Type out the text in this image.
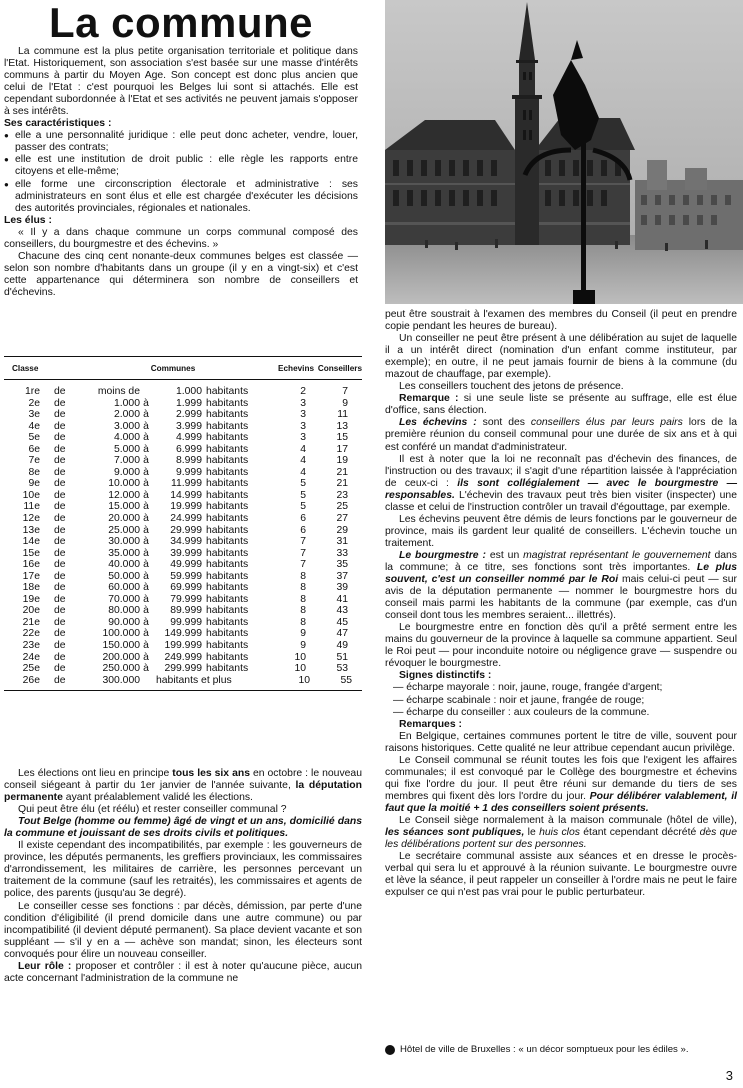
La commune

La commune est la plus petite organisation territoriale et politique dans l'Etat. Historiquement, son association s'est basée sur une masse d'intérêts communs à partir du Moyen Age. Son concept est donc plus ancien que celui de l'Etat : c'est pourquoi les Belges lui sont si attachés. Elle est cependant subordonnée à l'Etat et ses activités ne peuvent jamais s'opposer à ses intérêts.

Ses caractéristiques :
● elle a une personnalité juridique : elle peut donc acheter, vendre, louer, passer des contrats;
● elle est une institution de droit public : elle règle les rapports entre citoyens et elle-même;
● elle forme une circonscription électorale et administrative : ses administrateurs en sont élus et elle est chargée d'exécuter les décisions des autorités provinciales, régionales et nationales.
Les élus :

« Il y a dans chaque commune un corps communal composé des conseillers, du bourgmestre et des échevins. »

Chacune des cinq cent nonante-deux communes belges est classée — selon son nombre d'habitants dans un groupe (il y en a vingt-six) et c'est cette appartenance qui déterminera son nombre de conseillers et d'échevins.

Classe	Communes	Echevins Conseillers
1re	de	moins de	1.000 habitants	2	7
2e	de	1.000 à	1.999 habitants	3	9
3e	de	2.000 à	2.999 habitants	3	11
4e	de	3.000 à	3.999 habitants	3	13
5e	de	4.000 à	4.999 habitants	3	15
6e	de	5.000 à	6.999 habitants	4	17
7e	de	7.000 à	8.999 habitants	4	19
8e	de	9.000 à	9.999 habitants	4	21
9e	de	10.000 à	11.999 habitants	5	21
10e	de	12.000 à	14.999 habitants	5	23
11e	de	15.000 à	19.999 habitants	5	25
12e	de	20.000 à	24.999 habitants	6	27
13e	de	25.000 à	29.999 habitants	6	29
14e	de	30.000 à	34.999 habitants	7	31
15e	de	35.000 à	39.999 habitants	7	33
16e	de	40.000 à	49.999 habitants	7	35
17e	de	50.000 à	59.999 habitants	8	37
18e	de	60.000 à	69.999 habitants	8	39
19e	de	70.000 à	79.999 habitants	8	41
20e	de	80.000 à	89.999 habitants	8	43
21e	de	90.000 à	99.999 habitants	8	45
22e	de	100.000 à	149.999 habitants	9	47
23e	de	150.000 à	199.999 habitants	9	49
24e	de	200.000 à	249.999 habitants	10	51
25e	de	250.000 à	299.999 habitants	10	53
26e	de	300.000	habitants et plus	10	55

Les élections ont lieu en principe tous les six ans en octobre : le nouveau conseil siégeant à partir du 1er janvier de l'année suivante, la députation permanente ayant préalablement validé les élections.

Qui peut être élu (et réélu) et rester conseiller communal ?

Tout Belge (homme ou femme) âgé de vingt et un ans, domicilié dans la commune et jouissant de ses droits civils et politiques.

Il existe cependant des incompatibilités, par exemple : les gouverneurs de province, les députés permanents, les greffiers provinciaux, les commissaires d'arrondissement, les militaires de carrière, les personnes percevant un traitement de la commune (sauf les retraités), les commissaires et agents de police, des parents (jusqu'au 3e degré).

Le conseiller cesse ses fonctions : par décès, démission, par perte d'une condition d'éligibilité (il prend domicile dans une autre commune) ou par incompatibilité (il devient député permanent). Sa place devient vacante et son suppléant — s'il y en a — achève son mandat; sinon, les électeurs sont convoqués pour élire un nouveau conseiller.

Leur rôle : proposer et contrôler : il est à noter qu'aucune pièce, aucun acte concernant l'administration de la commune ne

peut être soustrait à l'examen des membres du Conseil (il peut en prendre copie pendant les heures de bureau).

Un conseiller ne peut être présent à une délibération au sujet de laquelle il a un intérêt direct (nomination d'un enfant comme instituteur, par exemple); en outre, il ne peut jamais fournir de biens à la commune (du mazout de chauffage, par exemple).

Les conseillers touchent des jetons de présence.

Remarque : si une seule liste se présente au suffrage, elle est élue d'office, sans élection.

Les échevins : sont des conseillers élus par leurs pairs lors de la première réunion du conseil communal pour une durée de six ans et à qui est conféré un mandat d'administrateur.

Il est à noter que la loi ne reconnaît pas d'échevin des finances, de l'instruction ou des travaux; il s'agit d'une répartition laissée à l'appréciation de ceux-ci : ils sont collégialement — avec le bourgmestre — responsables. L'échevin des travaux peut très bien visiter (inspecter) une classe et celui de l'instruction contrôler un travail d'égouttage, par exemple.

Les échevins peuvent être démis de leurs fonctions par le gouverneur de province, mais ils gardent leur qualité de conseillers. L'échevin touche un traitement.

Le bourgmestre : est un magistrat représentant le gouvernement dans la commune; à ce titre, ses fonctions sont très importantes. Le plus souvent, c'est un conseiller nommé par le Roi mais celui-ci peut — sur avis de la députation permanente — nommer le bourgmestre hors du conseil mais parmi les habitants de la commune (par exemple, cas d'un conseil dont tous les membres seraient... illettrés).

Le bourgmestre entre en fonction dès qu'il a prêté serment entre les mains du gouverneur de la province à laquelle sa commune appartient. Seul le Roi peut — pour inconduite notoire ou négligence grave — suspendre ou révoquer le bourgmestre.

Signes distinctifs :
— écharpe mayorale : noir, jaune, rouge, frangée d'argent;
— écharpe scabinale : noir et jaune, frangée de rouge;
— écharpe du conseiller : aux couleurs de la commune.
Remarques :

En Belgique, certaines communes portent le titre de ville, souvent pour raisons historiques. Cette qualité ne leur attribue cependant aucun privilège.

Le Conseil communal se réunit toutes les fois que l'exigent les affaires communales; il est convoqué par le Collège des bourgmestre et échevins qui fixe l'ordre du jour. Il peut être réuni sur demande du tiers de ses membres qui fixent dès lors l'ordre du jour. Pour délibérer valablement, il faut que la moitié + 1 des conseillers soient présents.

Le Conseil siège normalement à la maison communale (hôtel de ville), les séances sont publiques, le huis clos étant cependant décrété dès que les délibérations portent sur des personnes.

Le secrétaire communal assiste aux séances et en dresse le procès-verbal qui sera lu et approuvé à la réunion suivante. Le bourgmestre ouvre et lève la séance, il peut rappeler un conseiller à l'ordre mais ne peut le faire expulser ce qui n'est pas vrai pour le public perturbateur.

Hôtel de ville de Bruxelles : « un décor somptueux pour les édiles ».
3
